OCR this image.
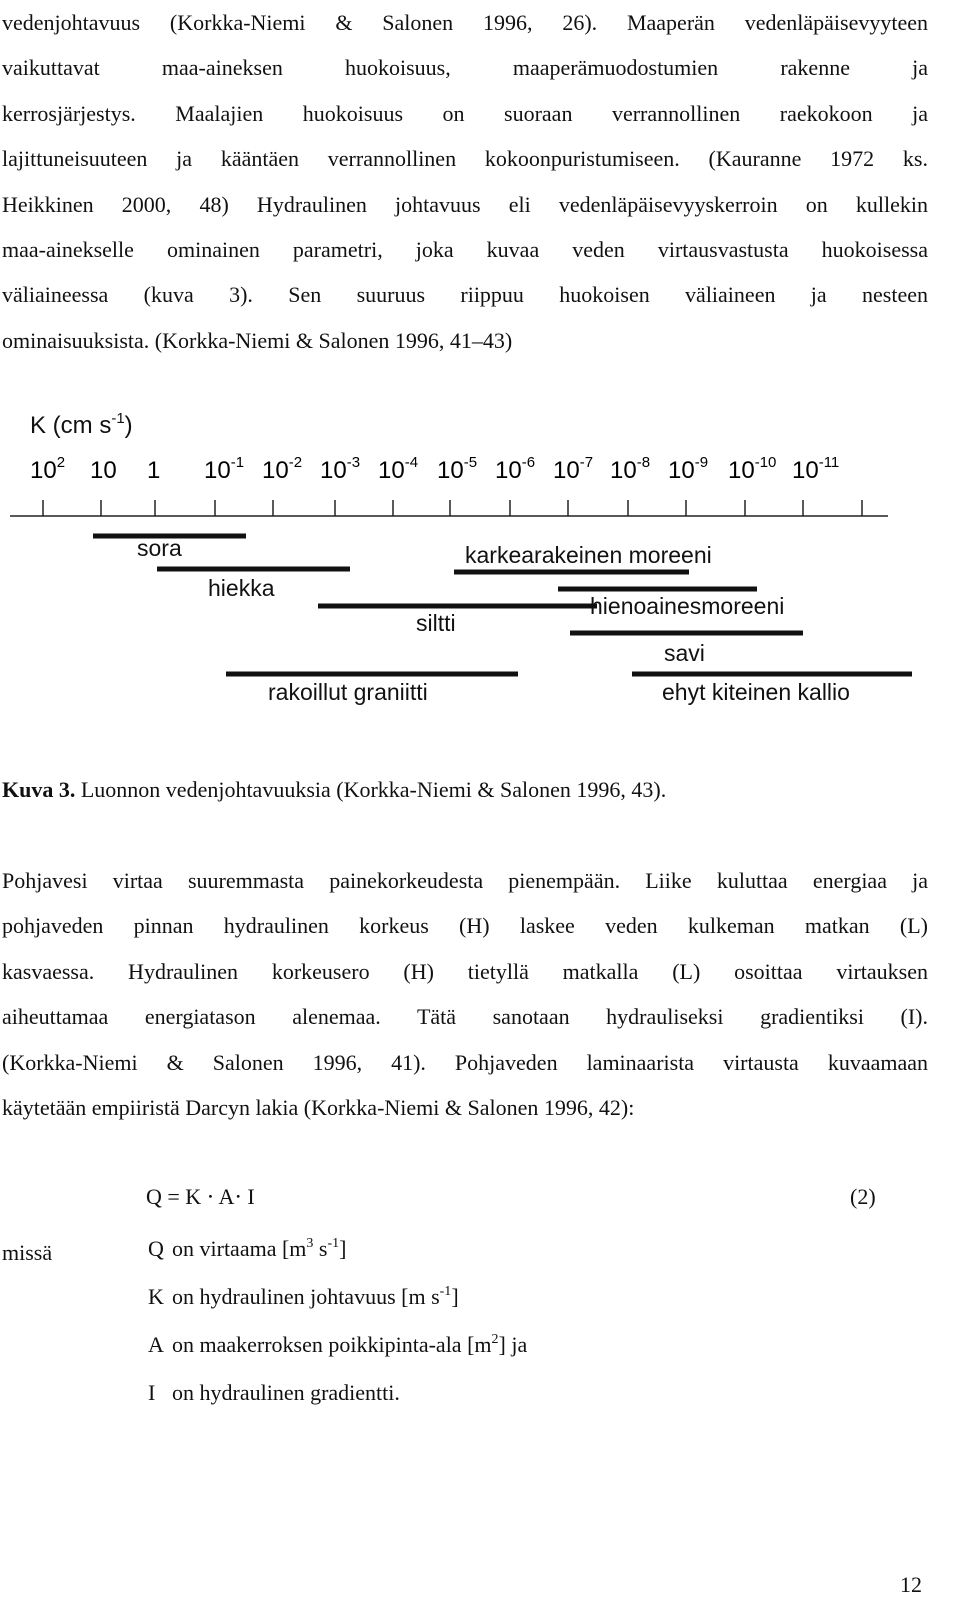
vedenjohtavuus (Korkka-Niemi & Salonen 1996, 26). Maaperän vedenläpäisevyyteen
vaikuttavat maa-aineksen huokoisuus, maaperämuodostumien rakenne ja
kerrosjärjestys. Maalajien huokoisuus on suoraan verrannollinen raekokoon ja
lajittuneisuuteen ja kääntäen verrannollinen kokoonpuristumiseen. (Kauranne 1972 ks.
Heikkinen 2000, 48) Hydraulinen johtavuus eli vedenläpäisevyyskerroin on kullekin
maa-ainekselle ominainen parametri, joka kuvaa veden virtausvastusta huokoisessa
väliaineessa (kuva 3). Sen suuruus riippuu huokoisen väliaineen ja nesteen
ominaisuuksista. (Korkka-Niemi & Salonen 1996, 41–43)
K (cm $s^{-1}$)
$10^2$ 10 1 $10^{-1}$ $10^{-2}$ $10^{-3}$ $10^{-4}$ $10^{-5}$ $10^{-6}$ $10^{-7}$ $10^{-8}$ $10^{-9}$ $10^{-10}$ $10^{-11}$
sora
hiekka
siltti
karkearakeinen moreeni
hienoainesmoreeni
savi
rakoillut graniitti	ehyt kiteinen kallio
Kuva 3. Luonnon vedenjohtavuuksia (Korkka-Niemi & Salonen 1996, 43).
Pohjavesi virtaa suuremmasta painekorkeudesta pienempään. Liike kuluttaa energiaa ja
pohjaveden pinnan hydraulinen korkeus (H) laskee veden kulkeman matkan (L)
kasvaessa. Hydraulinen korkeusero (H) tietyllä matkalla (L) osoittaa virtauksen
aiheuttamaa energiatason alenemaa. Tätä sanotaan hydrauliseksi gradientiksi (I).
(Korkka-Niemi & Salonen 1996, 41). Pohjaveden laminaarista virtausta kuvaamaan
käytetään empiiristä Darcyn lakia (Korkka-Niemi & Salonen 1996, 42):
Q = K ⋅ A⋅ I	(2)
missä	Q on virtaama [$m^3$ $s^{-1}$]
K on hydraulinen johtavuus [m $s^{-1}$]
A on maakerroksen poikkipinta-ala $[m^2]$ ja
I on hydraulinen gradientti.
12
